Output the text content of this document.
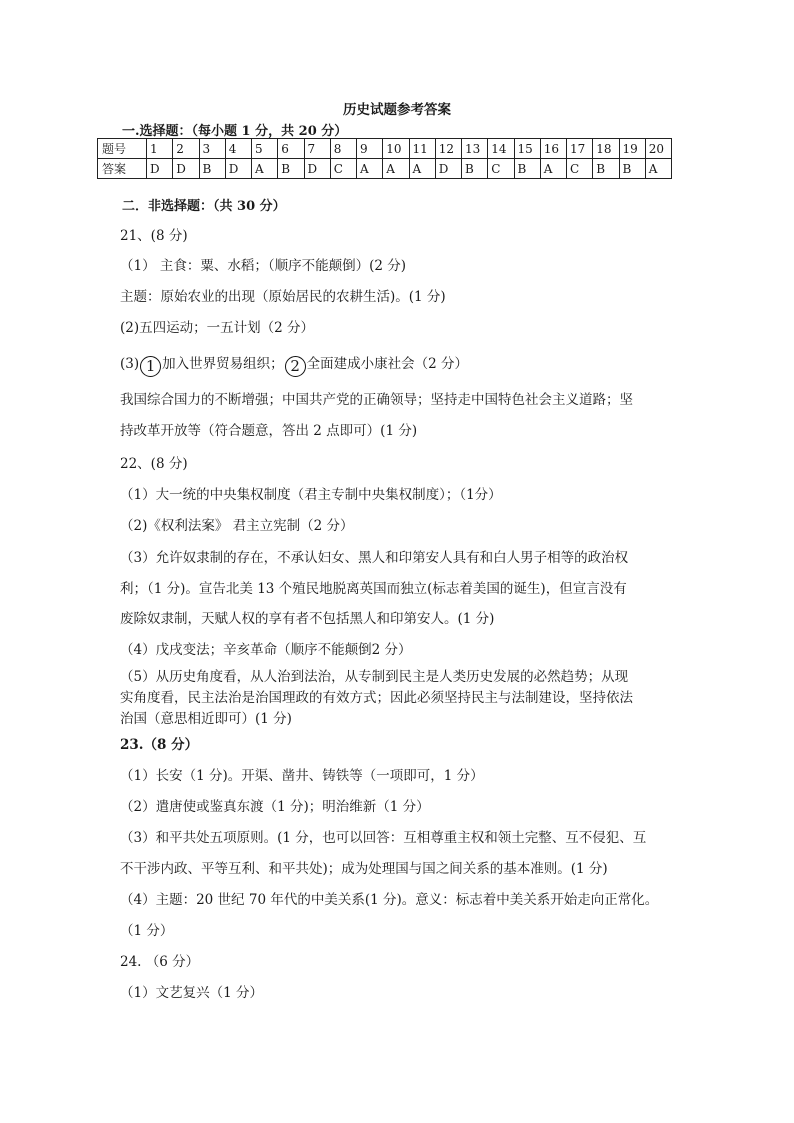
历史试题参考答案
一.选择题：（每小题 1 分，共 20 分）
题号	1	2	3	4	5	6	7	8	9	10	11	12	13	14	15	16	17	18	19	20
答案	D	D	B	D	A	B	D	C	A	A	A	D	B	C	B	A	C	B	B	A
二．非选择题：（共 30 分）
21、(8 分)
（1） 主食：粟、水稻；（顺序不能颠倒）(2 分)
主题：原始农业的出现（原始居民的农耕生活)。(1 分)
(2)五四运动；一五计划（2 分）
(3) 1 加入世界贸易组织； 2 全面建成小康社会（2 分）
我国综合国力的不断增强；中国共产党的正确领导；坚持走中国特色社会主义道路；坚
持改革开放等（符合题意，答出 2 点即可）(1 分)
22、(8 分)
（1）大一统的中央集权制度（君主专制中央集权制度）；（1分）
（2)《权利法案》 君主立宪制（2 分）
（3）允许奴隶制的存在，不承认妇女、黑人和印第安人具有和白人男子相等的政治权
利；（1 分)。宣告北美 13 个殖民地脱离英国而独立(标志着美国的诞生)，但宣言没有
废除奴隶制，天赋人权的享有者不包括黑人和印第安人。(1 分)
（4）戊戌变法；辛亥革命（顺序不能颠倒2 分）
（5）从历史角度看，从人治到法治，从专制到民主是人类历史发展的必然趋势；从现
实角度看，民主法治是治国理政的有效方式；因此必须坚持民主与法制建设，坚持依法
治国（意思相近即可）(1 分)
23.（8 分）
（1）长安（1 分)。开渠、凿井、铸铁等（一项即可，1 分）
（2）遣唐使或鉴真东渡（1 分)；明治维新（1 分）
（3）和平共处五项原则。(1 分，也可以回答：互相尊重主权和领土完整、互不侵犯、互
不干涉内政、平等互利、和平共处)；成为处理国与国之间关系的基本准则。(1 分)
（4）主题：20 世纪 70 年代的中美关系(1 分)。意义：标志着中美关系开始走向正常化。
（1 分）
24. （6 分）
（1）文艺复兴（1 分）
